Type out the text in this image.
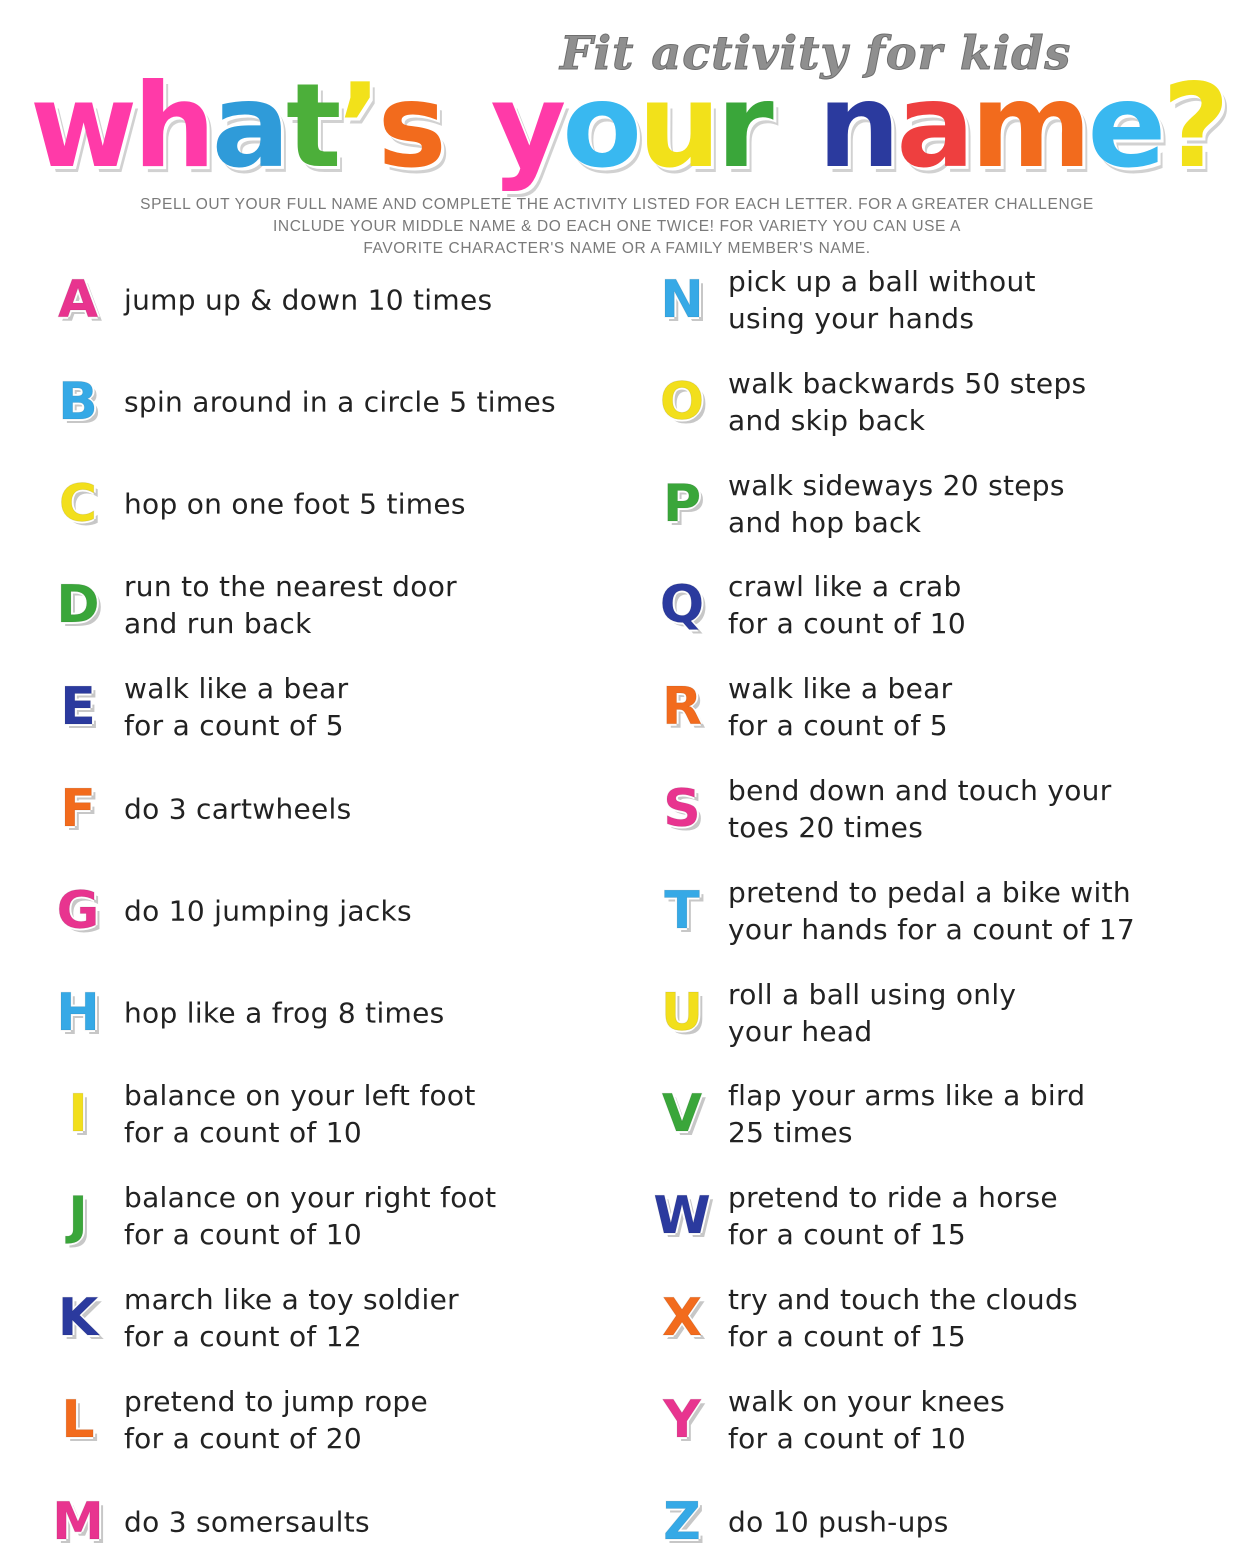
Fit activity for kids
what’s your name?
SPELL OUT YOUR FULL NAME AND COMPLETE THE ACTIVITY LISTED FOR EACH LETTER. FOR A GREATER CHALLENGE
INCLUDE YOUR MIDDLE NAME & DO EACH ONE TWICE! FOR VARIETY YOU CAN USE A
FAVORITE CHARACTER'S NAME OR A FAMILY MEMBER'S NAME.
A jump up & down 10 times
B spin around in a circle 5 times
C hop on one foot 5 times
D run to the nearest door
and run back
E	walk like a bear
for a count of 5
F	do 3 cartwheels
G do 10 jumping jacks
H hop like a frog 8 times
I	balance on your left foot
for a count of 10
J	balance on your right foot
for a count of 10
K march like a toy soldier
for a count of 12
L	pretend to jump rope
for a count of 20
M do 3 somersaults
N pick up a ball without
using your hands
O walk backwards 50 steps
and skip back
P walk sideways 20 steps
and hop back
Q crawl like a crab
for a count of 10
R walk like a bear
for a count of 5
S bend down and touch your
toes 20 times
T	pretend to pedal a bike with
your hands for a count of 17
U roll a ball using only
your head
V flap your arms like a bird
25 times
W pretend to ride a horse
for a count of 15
X try and touch the clouds
for a count of 15
Y walk on your knees
for a count of 10
Z do 10 push-ups
